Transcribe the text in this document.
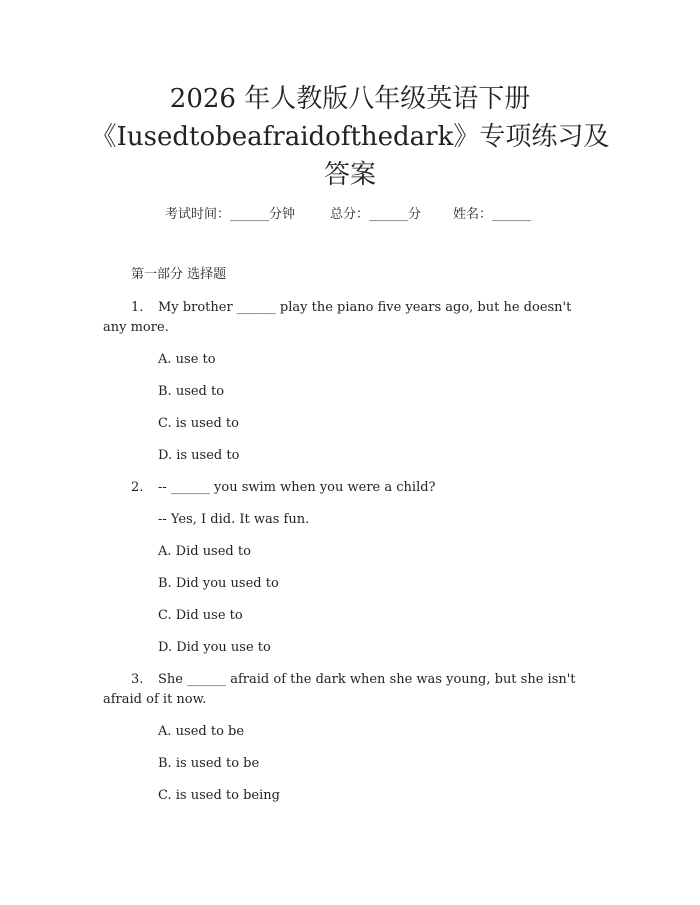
2026 年人教版八年级英语下册
《Iusedtobeafraidofthedark》专项练习及
答案
考试时间：______分钟	总分：______分 姓名：______
第一部分 选择题
1. My brother ______ play the piano five years ago, but he doesn't
any more.
A. use to
B. used to
C. is used to
D. is used to
2. -- ______ you swim when you were a child?
-- Yes, I did. It was fun.
A. Did used to
B. Did you used to
C. Did use to
D. Did you use to
3. She ______ afraid of the dark when she was young, but she isn't
afraid of it now.
A. used to be
B. is used to be
C. is used to being
